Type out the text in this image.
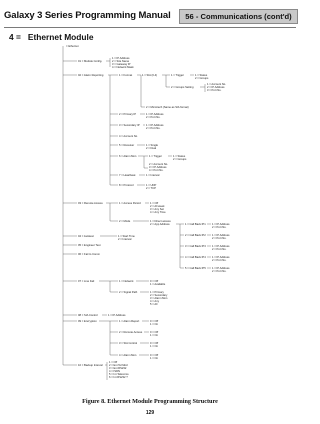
Galaxy 3 Series Programming Manual	56 - Communications (cont'd)
4 = Ethernet Module
= Ethernet
01 = Module Config.
1 = IP Address
2 = Site Name
3 = Gateway IP
4 = Network Mask
02 = Alarm Reporting	1 = Format	1 = SIA (0-4)	1 = Trigger	1 = Status
2 = Groups
2 = Groups Setting
1 = Account No.
2 = IP Address
3 = Port No.
2 = Microtech (Same as SIA format)
2 = Primary IP	1 = IP Address
2 = Port No.
3 = Secondary IP 1 = IP Address
2 = Port No.
4 = Account No
5 = Receiver	1 = Single
2 = Dual
6 = Alarm Mon	1 = Trigger	1 = Status
2 = Groups
2 = Account No.
3 = IP Address
4 = Port No.
7 = Heartbeat	1 = Interval
8 = Protocol	1 = UDP
2 = TCP
03 = Remote Access	1 = Access Period	1 = Off
2 = All week
3 = Any Set
4 = Any Time
2 = Mode	1 = Direct access
2 = App Address	1 = Call Back IP1 1 = IP Address
2 = Port No.
2 = Call Back IP2 1 = IP Address
2 = Port No.
3 = Call Back IP3 1 = IP Address
2 = Port No.
4 = Call Back IP4 1 = IP Address
2 = Port No.
5 = Call Back IP5 1 = IP Address
2 = Port No.
04 = Autotest	1 = Start Time
2 = Interval
05 = Engineer Test
06 = Fail to Comm
07 = Line Fail	1 = Network	0 = Off
1 = Available
2 = Signal Path	1 = Primary
2 = Secondary
3 = Alarm Mon
4 = Any
5 = All
08 = SIA Control	1 = IP Address
09 = Encryption	1 = Alarm Report	0 = Off
1 = On
2 = Remote Access	0 = Off
1 = On
3 = SIA Control	0 = Off
1 = On
4 = Alarm Mon	0 = Off
1 = On
10 = Backup Interval
1 = Off
2 = Ext Tel Mod
3 = Ext RS232
4 = ISDN
5 = Int Telecoms
6 = Int RS232 ?
Figure 8. Ethernet Module Programming Structure
129
